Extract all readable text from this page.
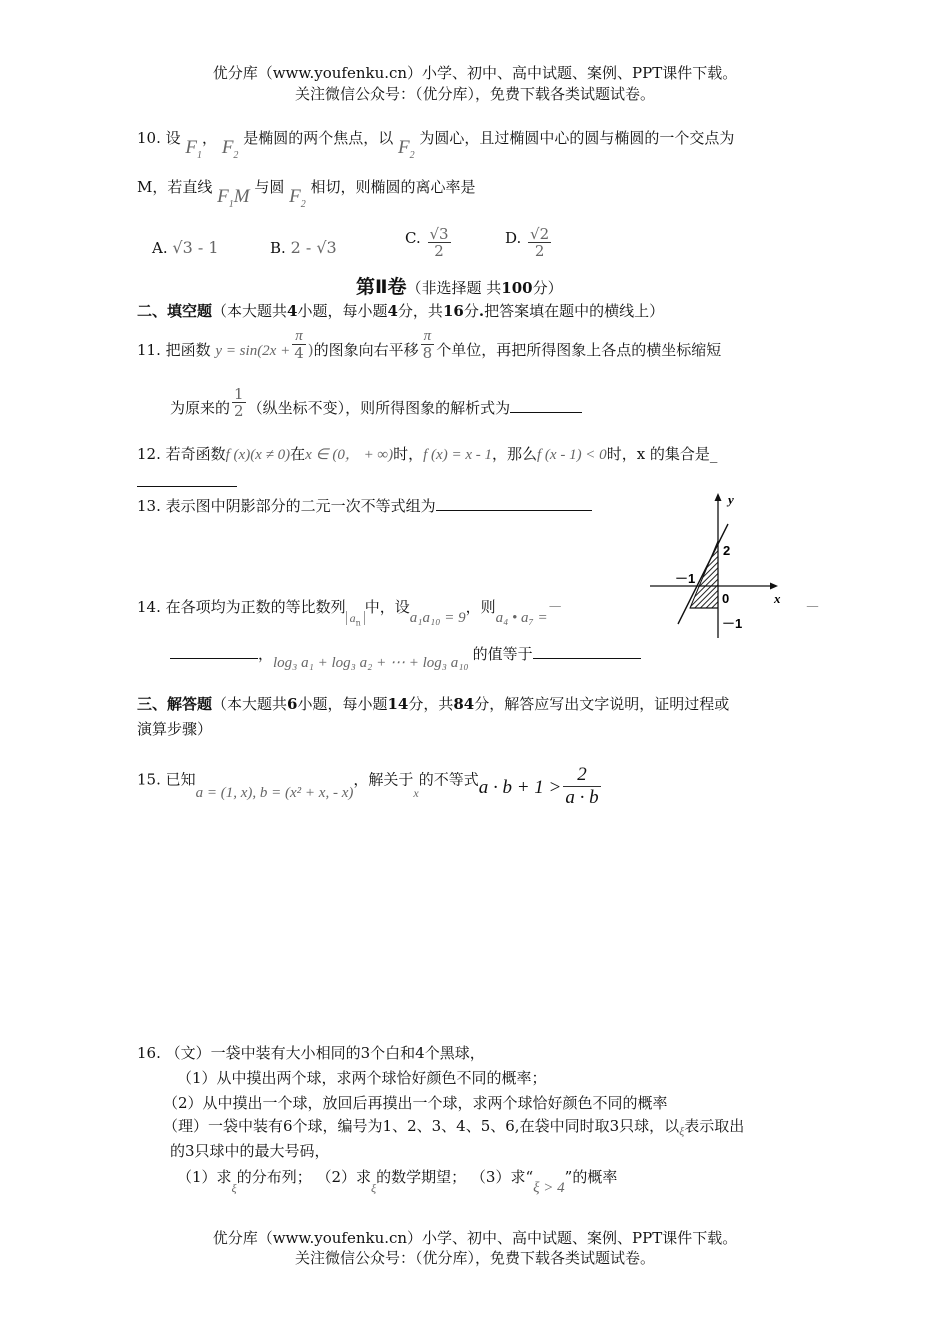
优分库（www.youfenku.cn）小学、初中、高中试题、案例、PPT课件下载。
关注微信公众号：（优分库），免费下载各类试题试卷。
10. 设 $F_1$， $F_2$ 是椭圆的两个焦点，以 $F_2$ 为圆心，且过椭圆中心的圆与椭圆的一个交点为
M，若直线 $F_1M$ 与圆 $F_2$ 相切，则椭圆的离心率是
A. √3 - 1	B. 2 - √3
C. $\frac{√3}{2}$	D. $\frac{√2}{2}$
第Ⅱ卷（非选择题 共100分）
二、填空题（本大题共4小题，每小题4分，共16分.把答案填在题中的横线上）
11. 把函数 $y = \sin(2x + \frac{\pi}{4}$ )的图象向右平移 $\frac{\pi}{8}$ 个单位，再把所得图象上各点的横坐标缩短
为原来的 $\frac{1}{2}$ （纵坐标不变），则所得图象的解析式为
12. 若奇函数f (x)(x ≠ 0)在x ∈ (0， + ∞)时，f (x) = x - 1，那么f (x - 1) < 0时，x 的集合是_
13. 表示图中阴影部分的二元一次不等式组为	y
x
2
－1
0
－1
14. 在各项均为正数的等比数列$_{a_n}$中，设a₁a₁₀ = 9，则a₄ • a₇ =－	－
，log₃ a₁ + log₃ a₂ + ⋯ + log₃ a₁₀ 的值等于
三、解答题（本大题共6小题，每小题14分，共84分，解答应写出文字说明，证明过程或
演算步骤）
15. 已知a = (1, x), b = (x² + x, - x)，解关于$_x$的不等式$a \cdot b + 1 > \frac{2}{a \cdot b}$
16. （文）一袋中装有大小相同的3个白和4个黑球，
（1）从中摸出两个球，求两个球恰好颜色不同的概率；
（2）从中摸出一个球，放回后再摸出一个球，求两个球恰好颜色不同的概率
（理）一袋中装有6个球，编号为1、2、3、4、5、6,在袋中同时取3只球，以$_\xi$表示取出
的3只球中的最大号码，
（1）求$_\xi$的分布列； （2）求$_\xi$的数学期望； （3）求“ξ > 4”的概率
优分库（www.youfenku.cn）小学、初中、高中试题、案例、PPT课件下载。
关注微信公众号：（优分库），免费下载各类试题试卷。
